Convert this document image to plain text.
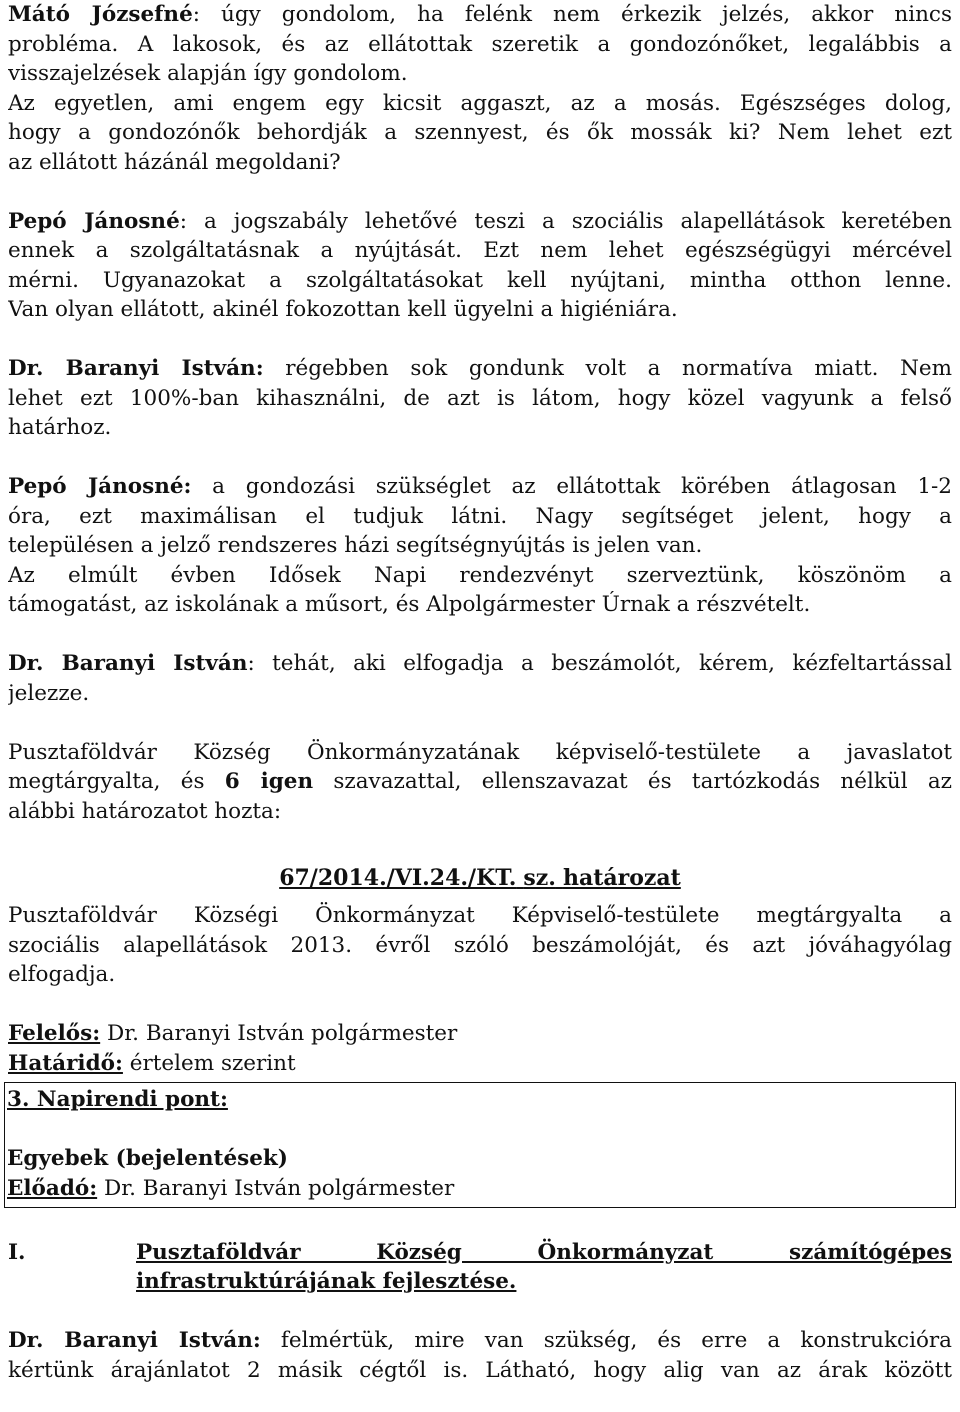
Mátó Józsefné: úgy gondolom, ha felénk nem érkezik jelzés, akkor nincs
probléma. A lakosok, és az ellátottak szeretik a gondozónőket, legalábbis a
visszajelzések alapján így gondolom.
Az egyetlen, ami engem egy kicsit aggaszt, az a mosás. Egészséges dolog,
hogy a gondozónők behordják a szennyest, és ők mossák ki? Nem lehet ezt
az ellátott házánál megoldani?
Pepó Jánosné: a jogszabály lehetővé teszi a szociális alapellátások keretében
ennek a szolgáltatásnak a nyújtását. Ezt nem lehet egészségügyi mércével
mérni. Ugyanazokat a szolgáltatásokat kell nyújtani, mintha otthon lenne.
Van olyan ellátott, akinél fokozottan kell ügyelni a higiéniára.
Dr. Baranyi István: régebben sok gondunk volt a normatíva miatt. Nem
lehet ezt 100%-ban kihasználni, de azt is látom, hogy közel vagyunk a felső
határhoz.
Pepó Jánosné: a gondozási szükséglet az ellátottak körében átlagosan 1-2
óra, ezt maximálisan el tudjuk látni. Nagy segítséget jelent, hogy a
településen a jelző rendszeres házi segítségnyújtás is jelen van.
Az elmúlt évben Idősek Napi rendezvényt szerveztünk, köszönöm a
támogatást, az iskolának a műsort, és Alpolgármester Úrnak a részvételt.
Dr. Baranyi István: tehát, aki elfogadja a beszámolót, kérem, kézfeltartással
jelezze.
Pusztaföldvár Község Önkormányzatának képviselő-testülete a javaslatot
megtárgyalta, és 6 igen szavazattal, ellenszavazat és tartózkodás nélkül az
alábbi határozatot hozta:
67/2014./VI.24./KT. sz. határozat
Pusztaföldvár Községi Önkormányzat Képviselő-testülete megtárgyalta a
szociális alapellátások 2013. évről szóló beszámolóját, és azt jóváhagyólag
elfogadja.
Felelős: Dr. Baranyi István polgármester
Határidő: értelem szerint
3. Napirendi pont:
Egyebek (bejelentések)
Előadó: Dr. Baranyi István polgármester
I.	Pusztaföldvár Község Önkormányzat számítógépes
infrastruktúrájának fejlesztése.
Dr. Baranyi István: felmértük, mire van szükség, és erre a konstrukcióra
kértünk árajánlatot 2 másik cégtől is. Látható, hogy alig van az árak között
